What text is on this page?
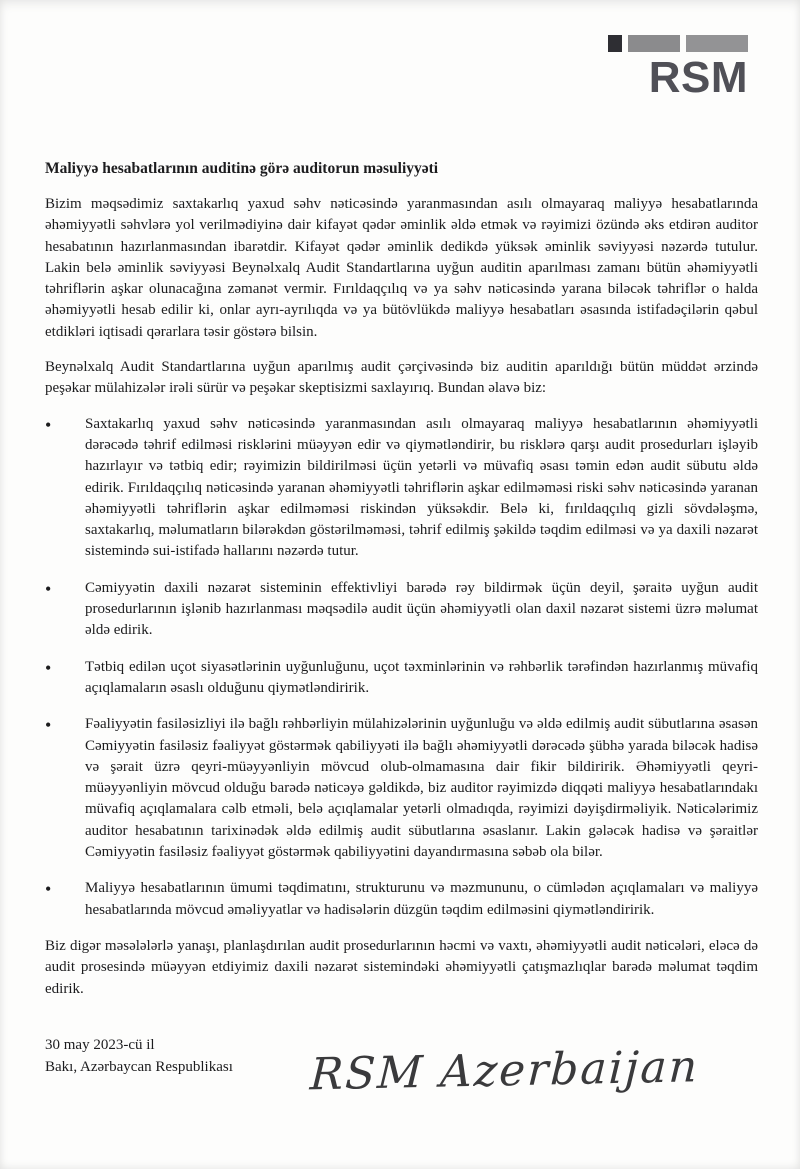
RSM
Maliyyə hesabatlarının auditinə görə auditorun məsuliyyəti

Bizim məqsədimiz saxtakarlıq yaxud səhv nəticəsində yaranmasından asılı olmayaraq maliyyə hesabatlarında əhəmiyyətli səhvlərə yol verilmədiyinə dair kifayət qədər əminlik əldə etmək və rəyimizi özündə əks etdirən auditor hesabatının hazırlanmasından ibarətdir. Kifayət qədər əminlik dedikdə yüksək əminlik səviyyəsi nəzərdə tutulur. Lakin belə əminlik səviyyəsi Beynəlxalq Audit Standartlarına uyğun auditin aparılması zamanı bütün əhəmiyyətli təhriflərin aşkar olunacağına zəmanət vermir. Fırıldaqçılıq və ya səhv nəticəsində yarana biləcək təhriflər o halda əhəmiyyətli hesab edilir ki, onlar ayrı-ayrılıqda və ya bütövlükdə maliyyə hesabatları əsasında istifadəçilərin qəbul etdikləri iqtisadi qərarlara təsir göstərə bilsin.

Beynəlxalq Audit Standartlarına uyğun aparılmış audit çərçivəsində biz auditin aparıldığı bütün müddət ərzində peşəkar mülahizələr irəli sürür və peşəkar skeptisizmi saxlayırıq. Bundan əlavə biz:

• Saxtakarlıq yaxud səhv nəticəsində yaranmasından asılı olmayaraq maliyyə hesabatlarının əhəmiyyətli dərəcədə təhrif edilməsi risklərini müəyyən edir və qiymətləndirir, bu risklərə qarşı audit prosedurları işləyib hazırlayır və tətbiq edir; rəyimizin bildirilməsi üçün yetərli və müvafiq əsası təmin edən audit sübutu əldə edirik. Fırıldaqçılıq nəticəsində yaranan əhəmiyyətli təhriflərin aşkar edilməməsi riski səhv nəticəsində yaranan əhəmiyyətli təhriflərin aşkar edilməməsi riskindən yüksəkdir. Belə ki, fırıldaqçılıq gizli sövdələşmə, saxtakarlıq, məlumatların bilərəkdən göstərilməməsi, təhrif edilmiş şəkildə təqdim edilməsi və ya daxili nəzarət sistemində sui-istifadə hallarını nəzərdə tutur.
• Cəmiyyətin daxili nəzarət sisteminin effektivliyi barədə rəy bildirmək üçün deyil, şəraitə uyğun audit prosedurlarının işlənib hazırlanması məqsədilə audit üçün əhəmiyyətli olan daxil nəzarət sistemi üzrə məlumat əldə edirik.
• Tətbiq edilən uçot siyasətlərinin uyğunluğunu, uçot təxminlərinin və rəhbərlik tərəfindən hazırlanmış müvafiq açıqlamaların əsaslı olduğunu qiymətləndiririk.
• Fəaliyyətin fasiləsizliyi ilə bağlı rəhbərliyin mülahizələrinin uyğunluğu və əldə edilmiş audit sübutlarına əsasən Cəmiyyətin fasiləsiz fəaliyyət göstərmək qabiliyyəti ilə bağlı əhəmiyyətli dərəcədə şübhə yarada biləcək hadisə və şərait üzrə qeyri-müəyyənliyin mövcud olub-olmamasına dair fikir bildiririk. Əhəmiyyətli qeyri-müəyyənliyin mövcud olduğu barədə nəticəyə gəldikdə, biz auditor rəyimizdə diqqəti maliyyə hesabatlarındakı müvafiq açıqlamalara cəlb etməli, belə açıqlamalar yetərli olmadıqda, rəyimizi dəyişdirməliyik. Nəticələrimiz auditor hesabatının tarixinədək əldə edilmiş audit sübutlarına əsaslanır. Lakin gələcək hadisə və şəraitlər Cəmiyyətin fasiləsiz fəaliyyət göstərmək qabiliyyətini dayandırmasına səbəb ola bilər.
• Maliyyə hesabatlarının ümumi təqdimatını, strukturunu və məzmununu, o cümlədən açıqlamaları və maliyyə hesabatlarında mövcud əməliyyatlar və hadisələrin düzgün təqdim edilməsini qiymətləndiririk.

Biz digər məsələlərlə yanaşı, planlaşdırılan audit prosedurlarının həcmi və vaxtı, əhəmiyyətli audit nəticələri, eləcə də audit prosesində müəyyən etdiyimiz daxili nəzarət sistemindəki əhəmiyyətli çatışmazlıqlar barədə məlumat təqdim edirik.

30 may 2023-cü il
Bakı, Azərbaycan Respublikası RSM Azerbaijan
